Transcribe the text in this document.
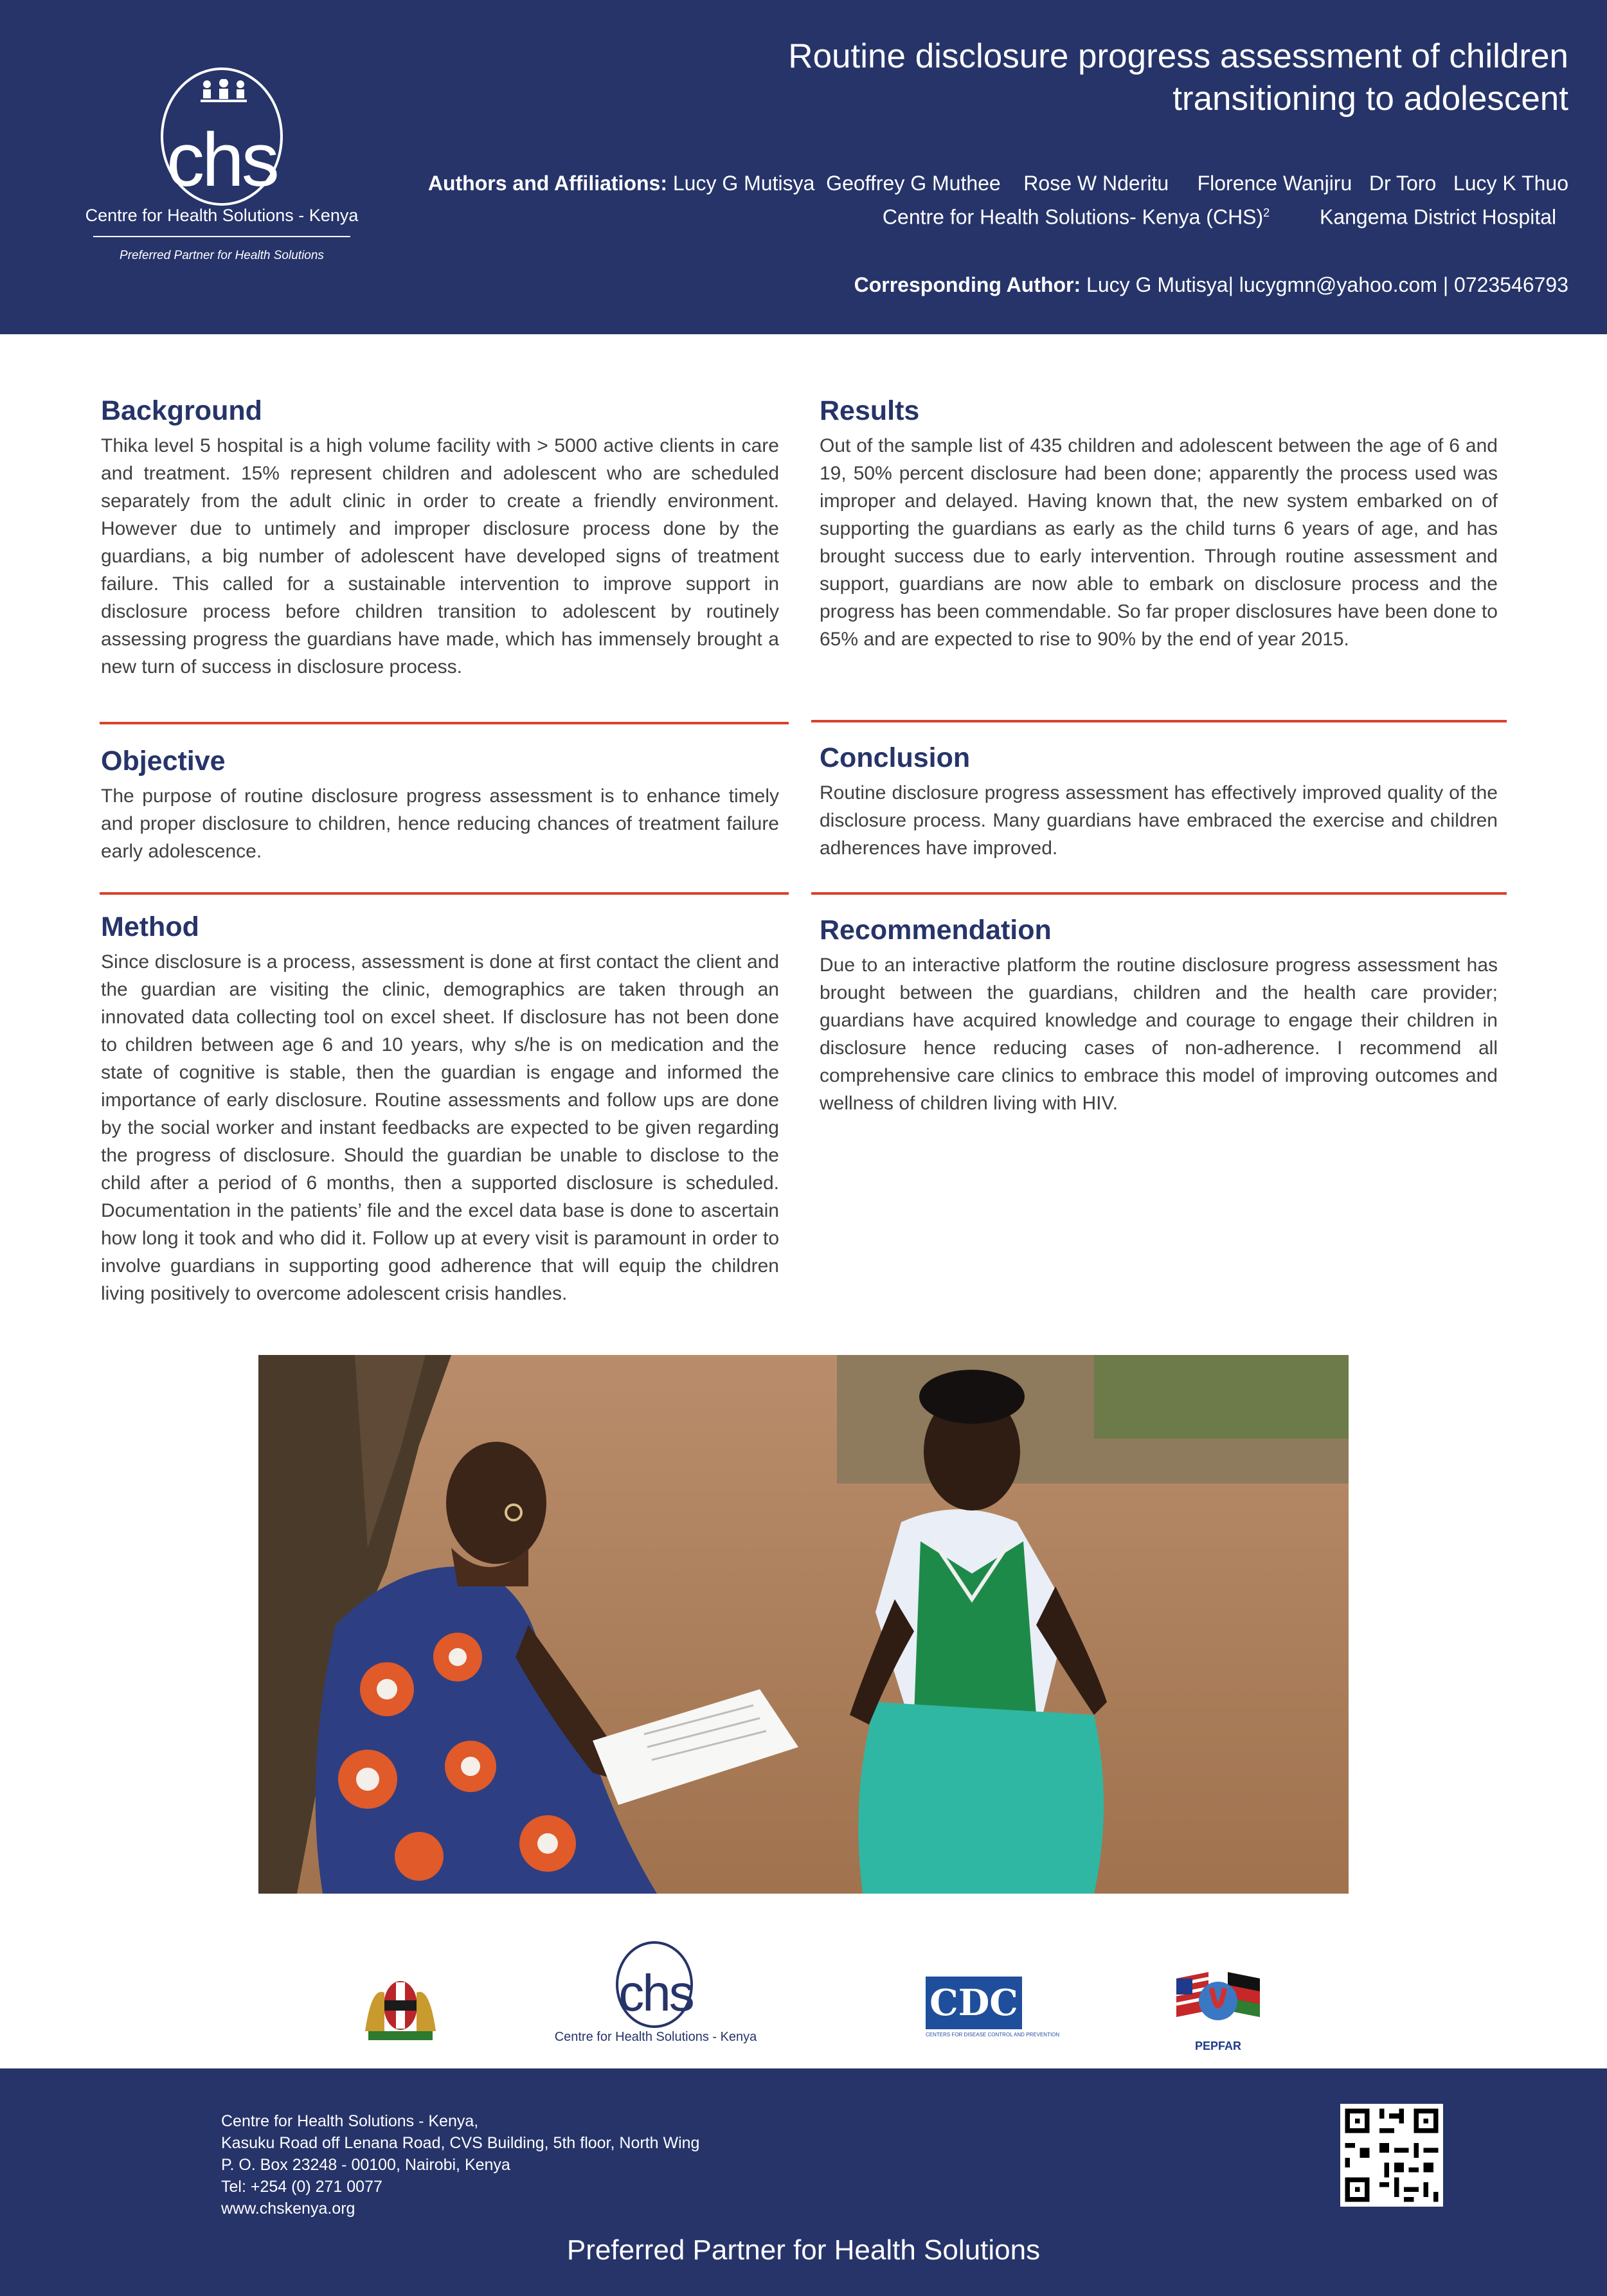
chs
Centre for Health Solutions - Kenya
Preferred Partner for Health Solutions
Routine disclosure progress assessment of children
transitioning to adolescent
Authors and Affiliations: Lucy G Mutisya  Geoffrey G Muthee    Rose W Nderitu     Florence Wanjiru   Dr Toro   Lucy K Thuo
Centre for Health Solutions- Kenya (CHS)$^2$ Kangema District Hospital
Corresponding Author: Lucy G Mutisya| lucygmn@yahoo.com | 0723546793
Background

Thika level 5 hospital is a high volume facility with > 5000 active clients in care and treatment. 15% represent children and adolescent who are scheduled separately from the adult clinic in order to create a friendly environment. However due to untimely and improper disclosure process done by the guardians, a big number of adolescent have developed signs of treatment failure. This called for a sustainable intervention to improve support in disclosure process before children transition to adolescent by routinely assessing progress the guardians have made, which has immensely brought a new turn of success in disclosure process.

Objective

The purpose of routine disclosure progress assessment is to enhance timely and proper disclosure to children, hence reducing chances of treatment failure early adolescence.

Method

Since disclosure is a process, assessment is done at first contact the client and the guardian are visiting the clinic, demographics are taken through an innovated data collecting tool on excel sheet. If disclosure has not been done to children between age 6 and 10 years, why s/he is on medication and the state of cognitive is stable, then the guardian is engage and informed the importance of early disclosure. Routine assessments and follow ups are done by the social worker and instant feedbacks are expected to be given regarding the progress of disclosure. Should the guardian be unable to disclose to the child after a period of 6 months, then a supported disclosure is scheduled. Documentation in the patients’ file and the excel data base is done to ascertain how long it took and who did it. Follow up at every visit is paramount in order to involve guardians in supporting good adherence that will equip the children living positively to overcome adolescent crisis handles.

Results

Out of the sample list of 435 children and adolescent between the age of 6 and 19, 50% percent disclosure had been done; apparently the process used was improper and delayed. Having known that, the new system embarked on of supporting the guardians as early as the child turns 6 years of age, and has brought success due to early intervention. Through routine assessment and support, guardians are now able to embark on disclosure process and the progress has been commendable. So far proper disclosures have been done to 65% and are expected to rise to 90% by the end of year 2015.

Conclusion

Routine disclosure progress assessment has effectively improved quality of the disclosure process. Many guardians have embraced the exercise and children adherences have improved.

Recommendation

Due to an interactive platform the routine disclosure progress assessment has brought between the guardians, children and the health care provider; guardians have acquired knowledge and courage to engage their children in disclosure hence reducing cases of non-adherence. I recommend all comprehensive care clinics to embrace this model of improving outcomes and wellness of children living with HIV.

chs
Centre for Health Solutions - Kenya
CDC
CENTERS FOR DISEASE CONTROL AND PREVENTION
PEPFAR
Centre for Health Solutions - Kenya,
Kasuku Road off Lenana Road, CVS Building, 5th floor, North Wing
P. O. Box 23248 - 00100, Nairobi, Kenya
Tel: +254 (0) 271 0077
www.chskenya.org
Preferred Partner for Health Solutions
